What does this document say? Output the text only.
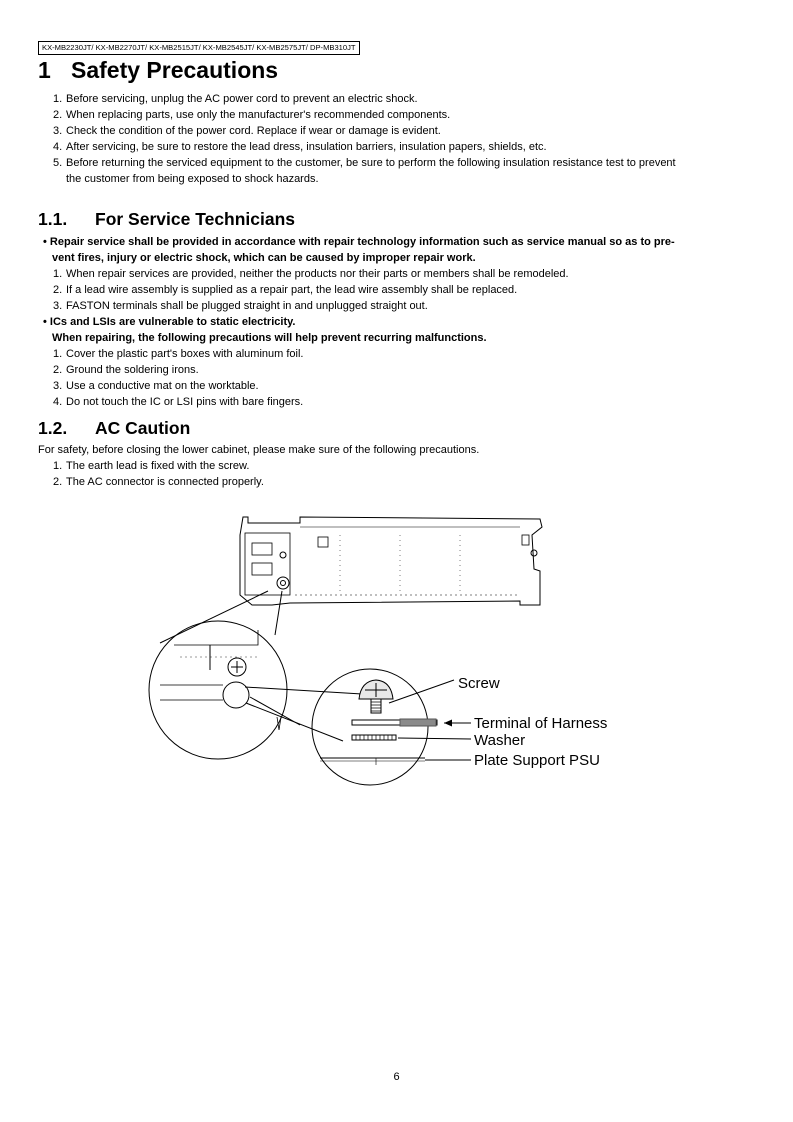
KX-MB2230JT/ KX-MB2270JT/ KX-MB2515JT/ KX-MB2545JT/ KX-MB2575JT/ DP-MB310JT
1 Safety Precautions
1. Before servicing, unplug the AC power cord to prevent an electric shock.
2. When replacing parts, use only the manufacturer's recommended components.
3. Check the condition of the power cord. Replace if wear or damage is evident.
4. After servicing, be sure to restore the lead dress, insulation barriers, insulation papers, shields, etc.
5. Before returning the serviced equipment to the customer, be sure to perform the following insulation resistance test to prevent
the customer from being exposed to shock hazards.
1.1. For Service Technicians
• Repair service shall be provided in accordance with repair technology information such as service manual so as to pre-
vent fires, injury or electric shock, which can be caused by improper repair work.
1. When repair services are provided, neither the products nor their parts or members shall be remodeled.
2. If a lead wire assembly is supplied as a repair part, the lead wire assembly shall be replaced.
3. FASTON terminals shall be plugged straight in and unplugged straight out.
• ICs and LSIs are vulnerable to static electricity.
When repairing, the following precautions will help prevent recurring malfunctions.
1. Cover the plastic part's boxes with aluminum foil.
2. Ground the soldering irons.
3. Use a conductive mat on the worktable.
4. Do not touch the IC or LSI pins with bare fingers.
1.2. AC Caution
For safety, before closing the lower cabinet, please make sure of the following precautions.
1. The earth lead is fixed with the screw.
2. The AC connector is connected properly.
Screw
Terminal of Harness
Washer
Plate Support PSU
6
